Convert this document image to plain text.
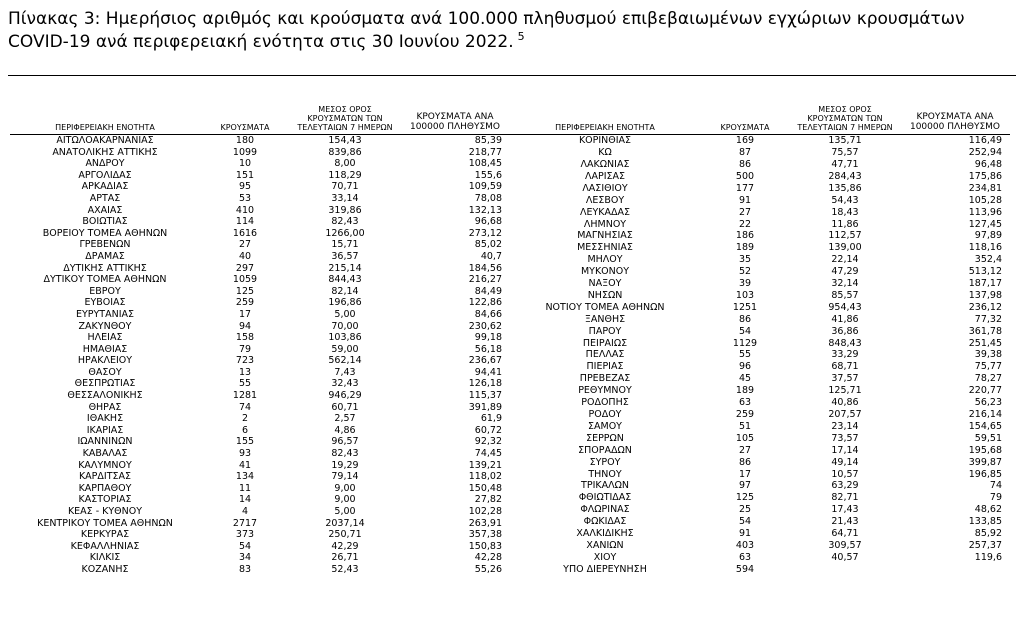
Πίνακας 3: Ημερήσιος αριθμός και κρούσματα ανά 100.000 πληθυσμού επιβεβαιωμένων εγχώριων κρουσμάτων COVID-19 ανά περιφερειακή ενότητα στις 30 Ιουνίου 2022. $^5$
ΠΕΡΙΦΕΡΕΙΑΚΗ ΕΝΟΤΗΤΑ	ΚΡΟΥΣΜΑΤΑ	ΜΕΣΟΣ ΟΡΟΣ ΚΡΟΥΣΜΑΤΩΝ ΤΩΝ ΤΕΛΕΥΤΑΙΩΝ 7 ΗΜΕΡΩΝ	ΚΡΟΥΣΜΑΤΑ ΑΝΑ 100000 ΠΛΗΘΥΣΜΟ
ΑΙΤΩΛΟΑΚΑΡΝΑΝΙΑΣ	180	154,43	85,39
ΑΝΑΤΟΛΙΚΗΣ ΑΤΤΙΚΗΣ	1099	839,86	218,77
ΑΝΔΡΟΥ	10	8,00	108,45
ΑΡΓΟΛΙΔΑΣ	151	118,29	155,6
ΑΡΚΑΔΙΑΣ	95	70,71	109,59
ΑΡΤΑΣ	53	33,14	78,08
ΑΧΑΪΑΣ	410	319,86	132,13
ΒΟΙΩΤΙΑΣ	114	82,43	96,68
ΒΟΡΕΙΟΥ ΤΟΜΕΑ ΑΘΗΝΩΝ	1616	1266,00	273,12
ΓΡΕΒΕΝΩΝ	27	15,71	85,02
ΔΡΑΜΑΣ	40	36,57	40,7
ΔΥΤΙΚΗΣ ΑΤΤΙΚΗΣ	297	215,14	184,56
ΔΥΤΙΚΟΥ ΤΟΜΕΑ ΑΘΗΝΩΝ	1059	844,43	216,27
ΕΒΡΟΥ	125	82,14	84,49
ΕΥΒΟΙΑΣ	259	196,86	122,86
ΕΥΡΥΤΑΝΙΑΣ	17	5,00	84,66
ΖΑΚΥΝΘΟΥ	94	70,00	230,62
ΗΛΕΙΑΣ	158	103,86	99,18
ΗΜΑΘΙΑΣ	79	59,00	56,18
ΗΡΑΚΛΕΙΟΥ	723	562,14	236,67
ΘΑΣΟΥ	13	7,43	94,41
ΘΕΣΠΡΩΤΙΑΣ	55	32,43	126,18
ΘΕΣΣΑΛΟΝΙΚΗΣ	1281	946,29	115,37
ΘΗΡΑΣ	74	60,71	391,89
ΙΘΑΚΗΣ	2	2,57	61,9
ΙΚΑΡΙΑΣ	6	4,86	60,72
ΙΩΑΝΝΙΝΩΝ	155	96,57	92,32
ΚΑΒΑΛΑΣ	93	82,43	74,45
ΚΑΛΥΜΝΟΥ	41	19,29	139,21
ΚΑΡΔΙΤΣΑΣ	134	79,14	118,02
ΚΑΡΠΑΘΟΥ	11	9,00	150,48
ΚΑΣΤΟΡΙΑΣ	14	9,00	27,82
ΚΕΑΣ - ΚΥΘΝΟΥ	4	5,00	102,28
ΚΕΝΤΡΙΚΟΥ ΤΟΜΕΑ ΑΘΗΝΩΝ	2717	2037,14	263,91
ΚΕΡΚΥΡΑΣ	373	250,71	357,38
ΚΕΦΑΛΛΗΝΙΑΣ	54	42,29	150,83
ΚΙΛΚΙΣ	34	26,71	42,28
ΚΟΖΑΝΗΣ	83	52,43	55,26
ΠΕΡΙΦΕΡΕΙΑΚΗ ΕΝΟΤΗΤΑ	ΚΡΟΥΣΜΑΤΑ	ΜΕΣΟΣ ΟΡΟΣ ΚΡΟΥΣΜΑΤΩΝ ΤΩΝ ΤΕΛΕΥΤΑΙΩΝ 7 ΗΜΕΡΩΝ	ΚΡΟΥΣΜΑΤΑ ΑΝΑ 100000 ΠΛΗΘΥΣΜΟ
ΚΟΡΙΝΘΙΑΣ	169	135,71	116,49
ΚΩ	87	75,57	252,94
ΛΑΚΩΝΙΑΣ	86	47,71	96,48
ΛΑΡΙΣΑΣ	500	284,43	175,86
ΛΑΣΙΘΙΟΥ	177	135,86	234,81
ΛΕΣΒΟΥ	91	54,43	105,28
ΛΕΥΚΑΔΑΣ	27	18,43	113,96
ΛΗΜΝΟΥ	22	11,86	127,45
ΜΑΓΝΗΣΙΑΣ	186	112,57	97,89
ΜΕΣΣΗΝΙΑΣ	189	139,00	118,16
ΜΗΛΟΥ	35	22,14	352,4
ΜΥΚΟΝΟΥ	52	47,29	513,12
ΝΑΞΟΥ	39	32,14	187,17
ΝΗΣΩΝ	103	85,57	137,98
ΝΟΤΙΟΥ ΤΟΜΕΑ ΑΘΗΝΩΝ	1251	954,43	236,12
ΞΑΝΘΗΣ	86	41,86	77,32
ΠΑΡΟΥ	54	36,86	361,78
ΠΕΙΡΑΙΩΣ	1129	848,43	251,45
ΠΕΛΛΑΣ	55	33,29	39,38
ΠΙΕΡΙΑΣ	96	68,71	75,77
ΠΡΕΒΕΖΑΣ	45	37,57	78,27
ΡΕΘΥΜΝΟΥ	189	125,71	220,77
ΡΟΔΟΠΗΣ	63	40,86	56,23
ΡΟΔΟΥ	259	207,57	216,14
ΣΑΜΟΥ	51	23,14	154,65
ΣΕΡΡΩΝ	105	73,57	59,51
ΣΠΟΡΑΔΩΝ	27	17,14	195,68
ΣΥΡΟΥ	86	49,14	399,87
ΤΗΝΟΥ	17	10,57	196,85
ΤΡΙΚΑΛΩΝ	97	63,29	74
ΦΘΙΩΤΙΔΑΣ	125	82,71	79
ΦΛΩΡΙΝΑΣ	25	17,43	48,62
ΦΩΚΙΔΑΣ	54	21,43	133,85
ΧΑΛΚΙΔΙΚΗΣ	91	64,71	85,92
ΧΑΝΙΩΝ	403	309,57	257,37
ΧΙΟΥ	63	40,57	119,6
ΥΠΟ ΔΙΕΡΕΥΝΗΣΗ	594		
